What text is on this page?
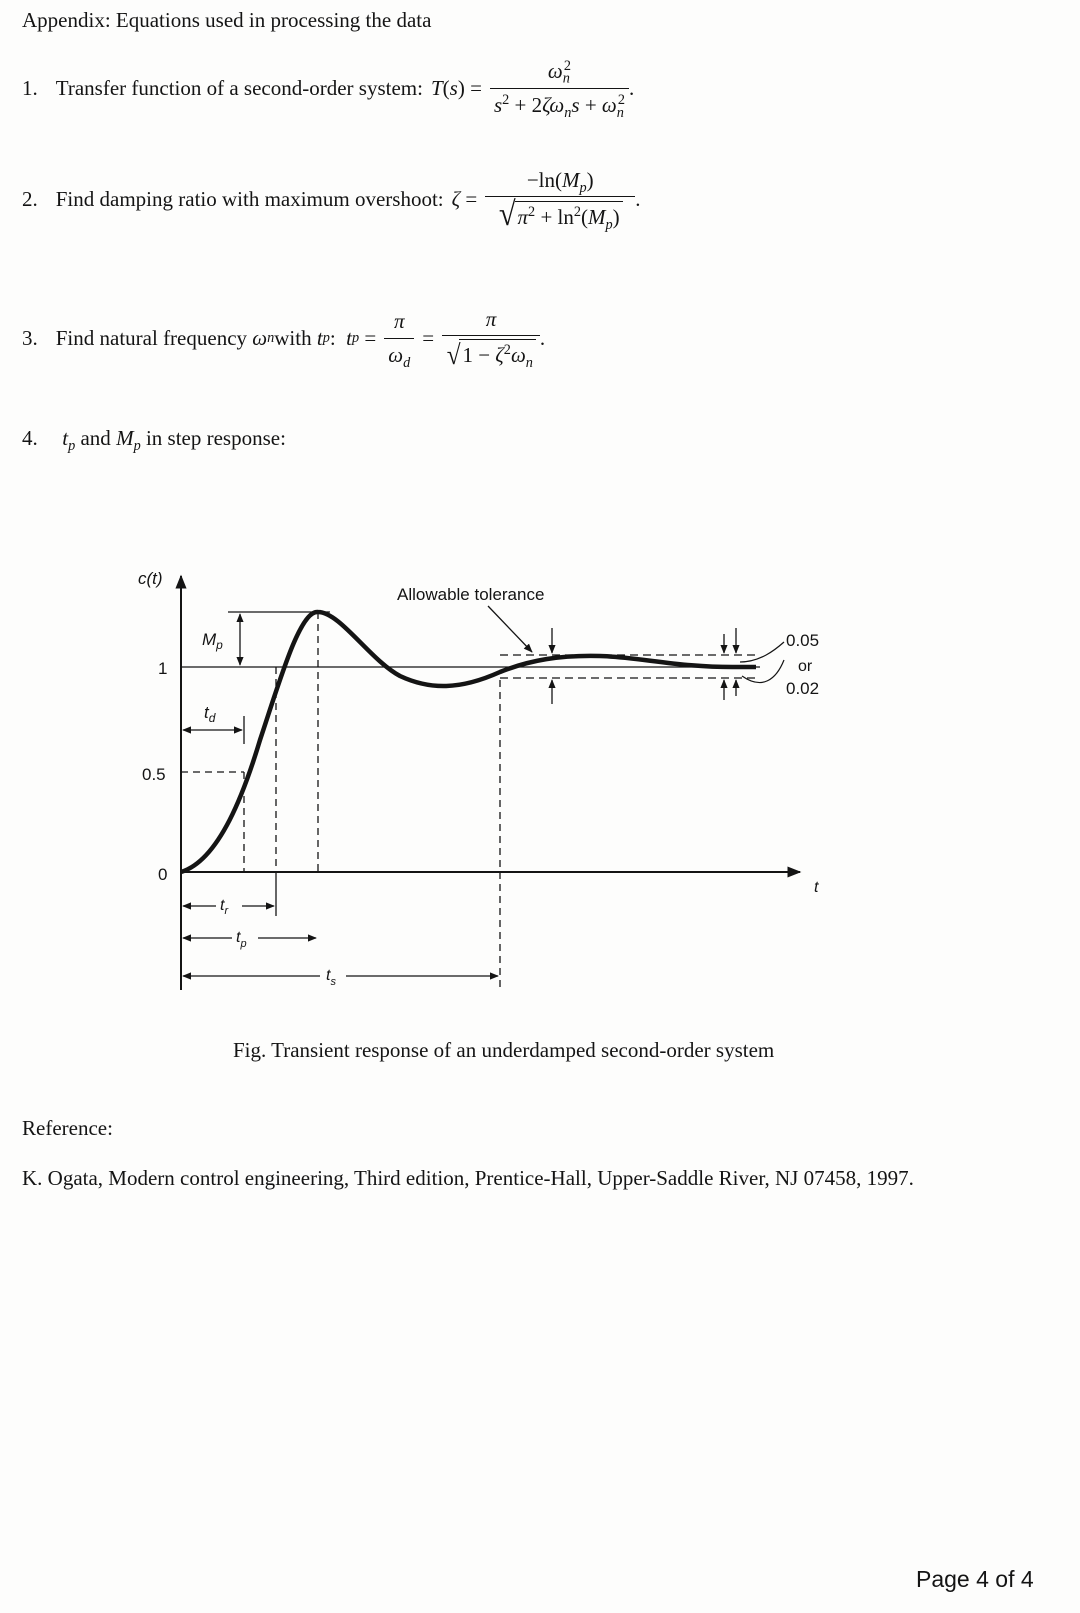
Appendix: Equations used in processing the data
1. Transfer function of a second-order system: T ( s ) = $\frac{\omega_n^2}{s^2 + 2\zeta\omega_ns + \omega_n^2}$ .
2. Find damping ratio with maximum overshoot: $\zeta = \frac{-\ln(M_p)}{√ \pi^2 + \ln^2(M_p)}$ .
3. Find natural frequency
ω n with
t p : t $p = \frac{\pi}{\omega_d} = \frac{\pi}{√ 1 - \zeta^2\omega_n}$ .
4. $t_p$ and $M_p$ in step response:
c(t)
t
1
0.5
0
$M_p$
$t_d$
$t_r$
$t_p$
$t_s$
Allowable tolerance
0.05
or
0.02
Fig. Transient response of an underdamped second-order system
Reference:
K. Ogata, Modern control engineering, Third edition, Prentice-Hall, Upper-Saddle River, NJ 07458, 1997.
Page 4 of 4
